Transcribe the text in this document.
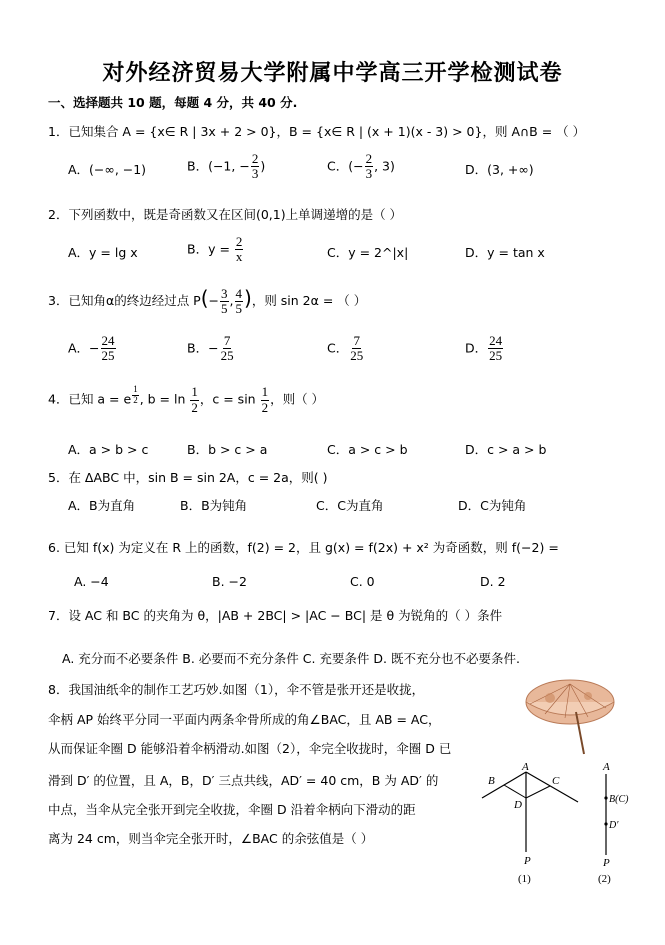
对外经济贸易大学附属中学高三开学检测试卷
一、选择题共 10 题，每题 4 分，共 40 分.
1．已知集合 A = {x∈ R | 3x + 2 > 0}，B = {x∈ R | (x + 1)(x - 3) > 0}，则 A∩B = （ ）
A．(−∞, −1)	B．(−1, − $\frac{2}{3}$ )	C．(− $\frac{2}{3}$ , 3)	D．(3, +∞)
2．下列函数中，既是奇函数又在区间(0,1)上单调递增的是（ ）
A．y = lg x	B．$y = \frac{2}{x}$	C．y = 2^|x|	D．y = tan x
3．已知角α的终边经过点 $P(- \frac{3}{5}$ , $\frac{4}{5}$ )，则 sin 2α = （ ）
A．− $\frac{24}{25}$	B．− $\frac{7}{25}$	C． $\frac{7}{25}$	D． $\frac{24}{25}$
4．已知 a = e $^{\frac{1}{2}}$ , $b = \ln \frac{1}{2}$ ，$c = \sin \frac{1}{2}$ ，则（ ）
A．a > b > c	B．b > c > a	C．a > c > b	D．c > a > b
5．在 ΔABC 中，sin B = sin 2A，c = 2a，则( )
A．B为直角	B．B为钝角	C．C为直角	D．C为钝角
6. 已知 f(x) 为定义在 R 上的函数，f(2) = 2，且 g(x) = f(2x) + x² 为奇函数，则 f(−2) =
A. −4	B. −2	C. 0	D. 2
7．设 AC 和 BC 的夹角为 θ，|AB + 2BC| > |AC − BC| 是 θ 为锐角的（ ）条件
A. 充分而不必要条件 B. 必要而不充分条件 C. 充要条件 D. 既不充分也不必要条件.
8．我国油纸伞的制作工艺巧妙.如图（1），伞不管是张开还是收拢，
伞柄 AP 始终平分同一平面内两条伞骨所成的角∠BAC，且 AB = AC，
从而保证伞圈 D 能够沿着伞柄滑动.如图（2），伞完全收拢时，伞圈 D 已
滑到 D′ 的位置，且 A，B，D′ 三点共线，AD′ = 40 cm，B 为 AD′ 的
中点，当伞从完全张开到完全收拢，伞圈 D 沿着伞柄向下滑动的距
离为 24 cm，则当伞完全张开时，∠BAC 的余弦值是（ ）
A
B	C
D
P
(1)
A
B(C)
D′
P
(2)
